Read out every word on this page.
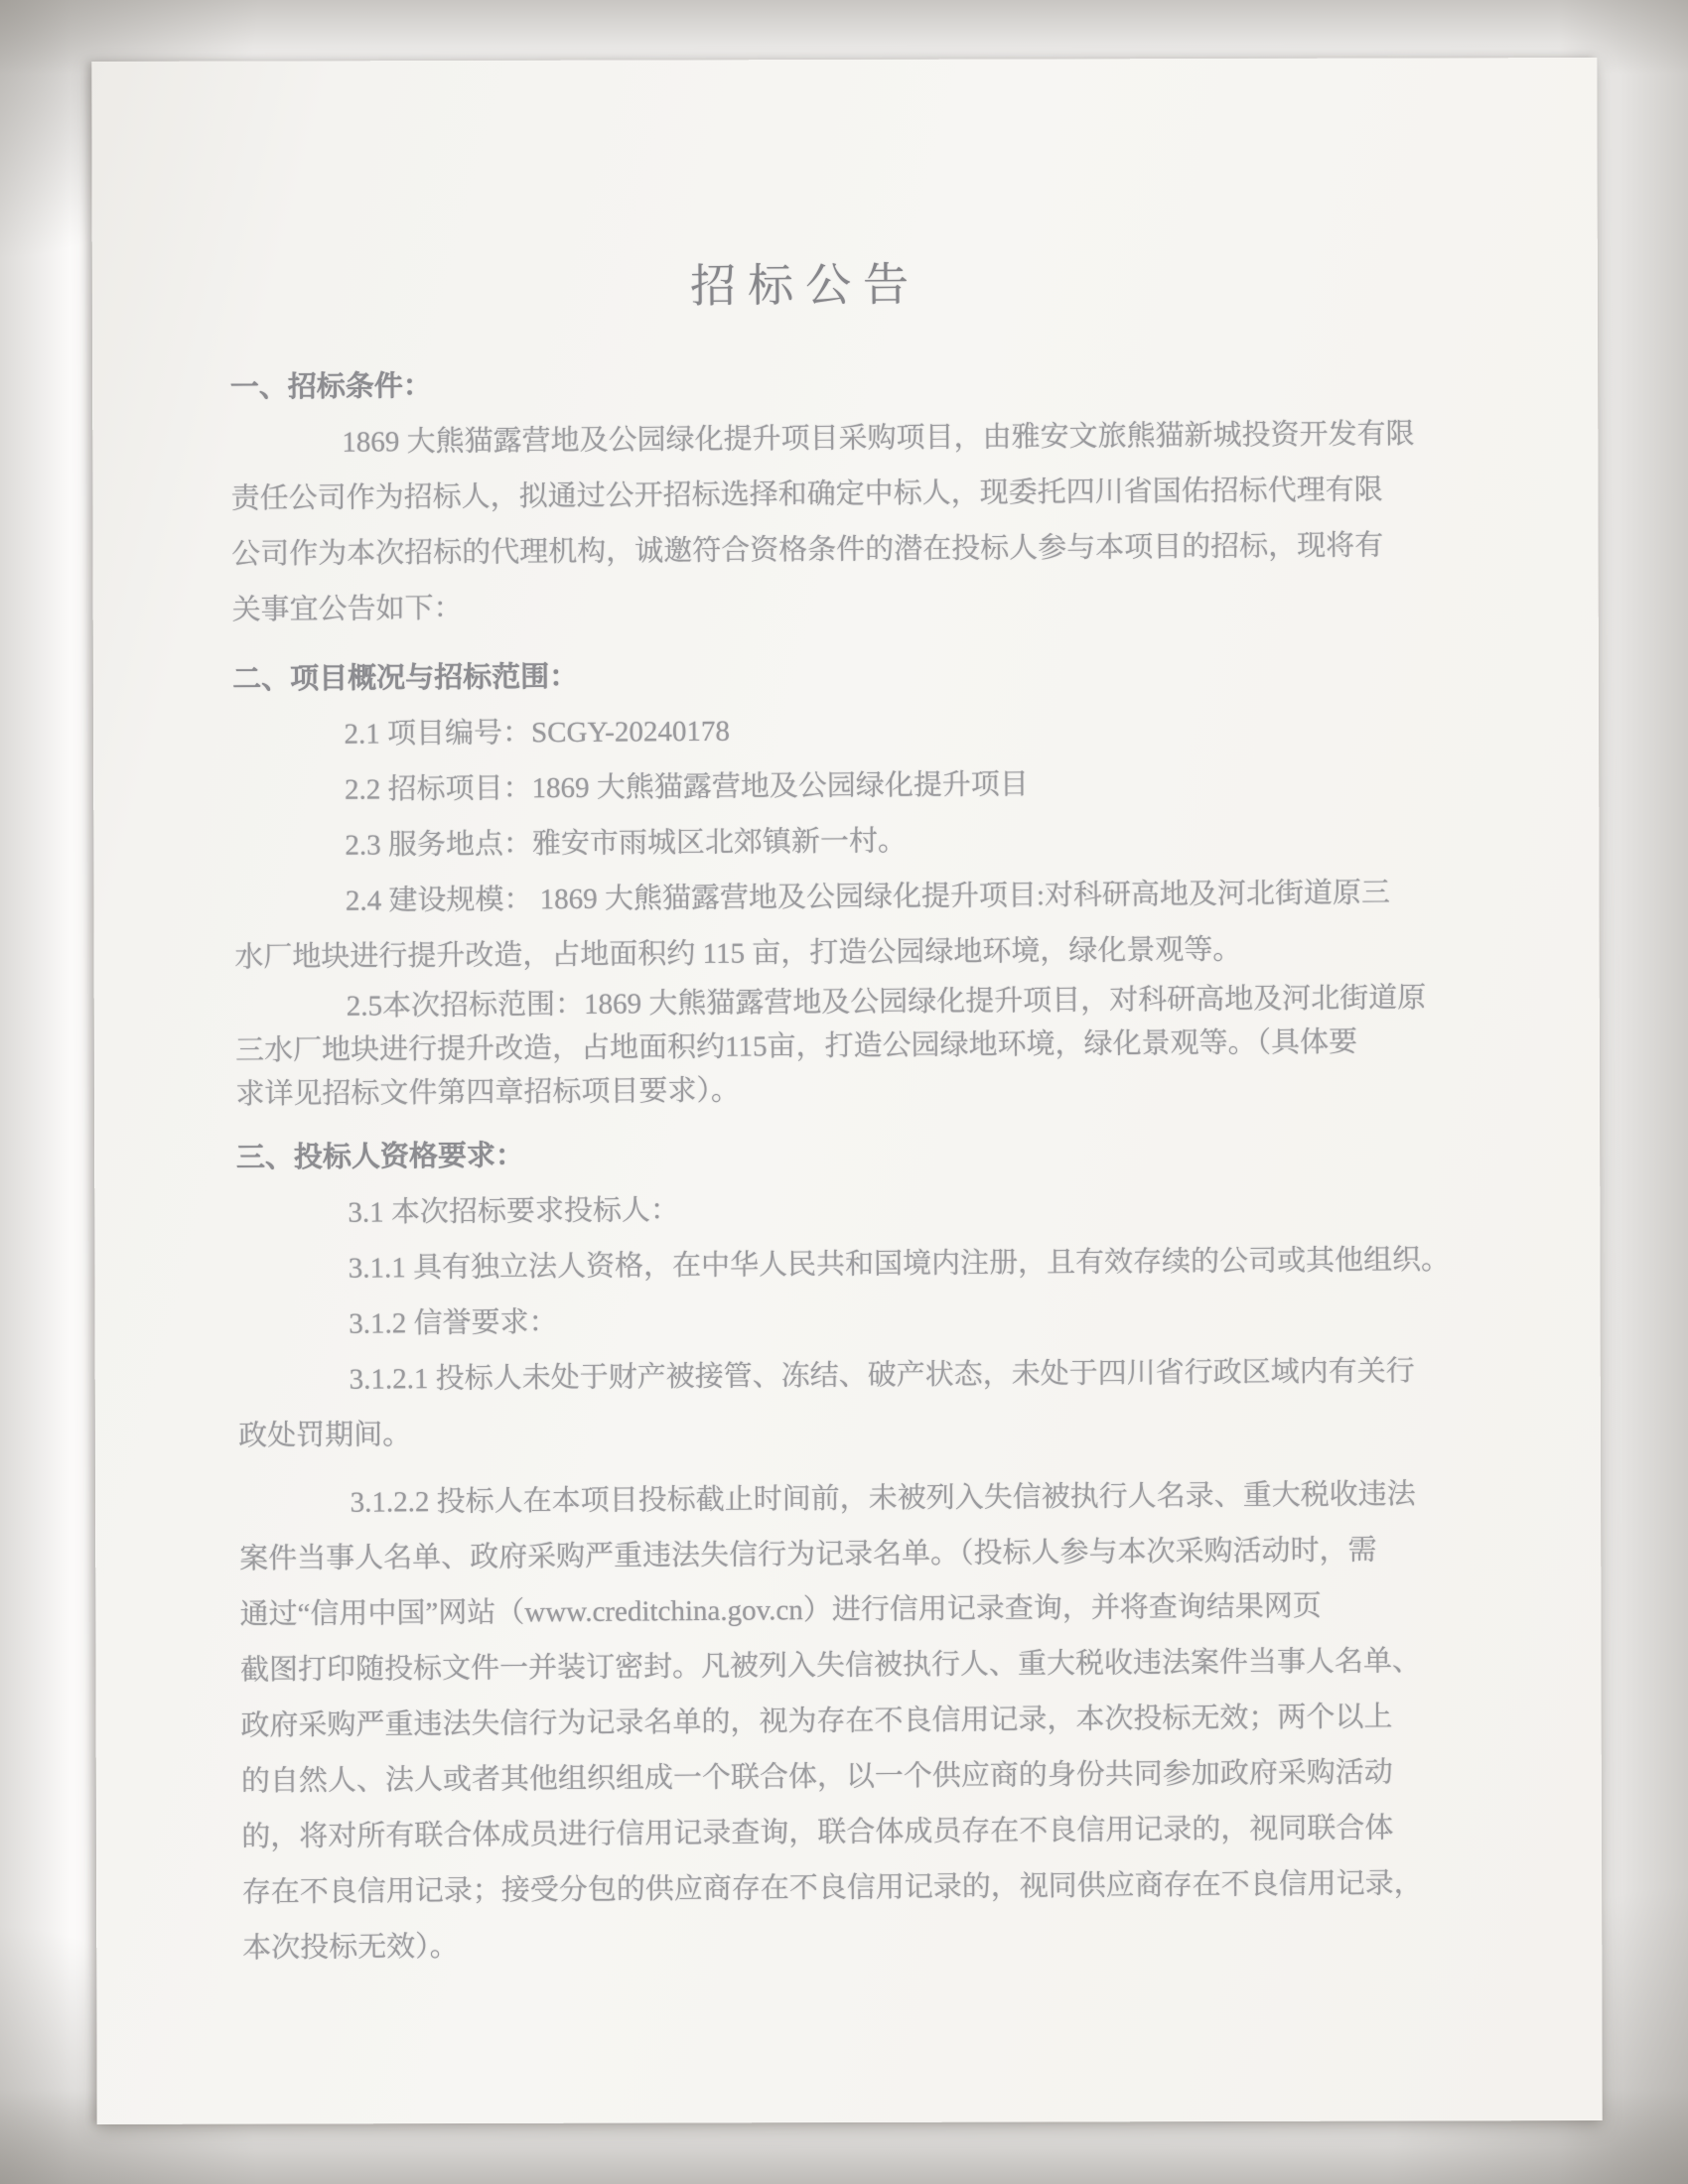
招标公告
一、招标条件：
1869 大熊猫露营地及公园绿化提升项目采购项目，由雅安文旅熊猫新城投资开发有限
责任公司作为招标人，拟通过公开招标选择和确定中标人，现委托四川省国佑招标代理有限
公司作为本次招标的代理机构，诚邀符合资格条件的潜在投标人参与本项目的招标，现将有
关事宜公告如下：
二、项目概况与招标范围：
2.1 项目编号：SCGY-20240178
2.2 招标项目：1869 大熊猫露营地及公园绿化提升项目
2.3 服务地点：雅安市雨城区北郊镇新一村。
2.4 建设规模： 1869 大熊猫露营地及公园绿化提升项目:对科研高地及河北街道原三
水厂地块进行提升改造，占地面积约 115 亩，打造公园绿地环境，绿化景观等。
2.5本次招标范围：1869 大熊猫露营地及公园绿化提升项目，对科研高地及河北街道原
三水厂地块进行提升改造，占地面积约115亩，打造公园绿地环境，绿化景观等。（具体要
求详见招标文件第四章招标项目要求）。
三、投标人资格要求：
3.1 本次招标要求投标人：
3.1.1 具有独立法人资格，在中华人民共和国境内注册，且有效存续的公司或其他组织。
3.1.2 信誉要求：
3.1.2.1 投标人未处于财产被接管、冻结、破产状态，未处于四川省行政区域内有关行
政处罚期间。
3.1.2.2 投标人在本项目投标截止时间前，未被列入失信被执行人名录、重大税收违法
案件当事人名单、政府采购严重违法失信行为记录名单。（投标人参与本次采购活动时，需
通过“信用中国”网站（www.creditchina.gov.cn）进行信用记录查询，并将查询结果网页
截图打印随投标文件一并装订密封。凡被列入失信被执行人、重大税收违法案件当事人名单、
政府采购严重违法失信行为记录名单的，视为存在不良信用记录，本次投标无效；两个以上
的自然人、法人或者其他组织组成一个联合体，以一个供应商的身份共同参加政府采购活动
的，将对所有联合体成员进行信用记录查询，联合体成员存在不良信用记录的，视同联合体
存在不良信用记录；接受分包的供应商存在不良信用记录的，视同供应商存在不良信用记录，
本次投标无效）。
